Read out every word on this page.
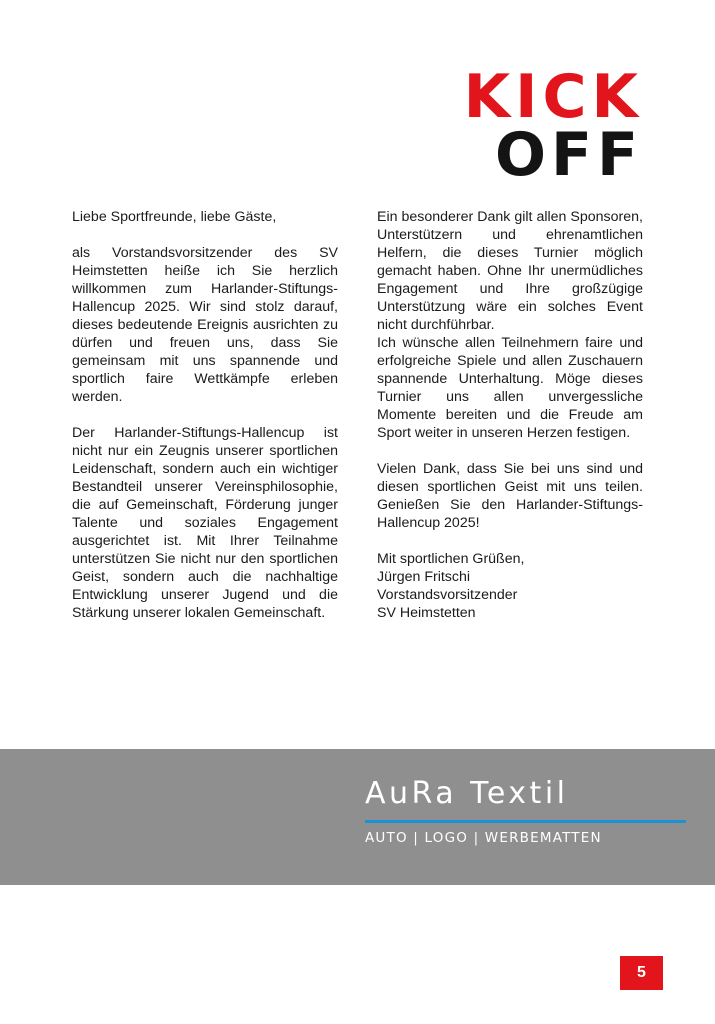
KICK
OFF

Liebe Sportfreunde, liebe Gäste,

als Vorstandsvorsitzender des SV Heimstetten heiße ich Sie herzlich willkommen zum Harlander-Stiftungs-Hallencup 2025. Wir sind stolz darauf, dieses bedeutende Ereignis ausrichten zu dürfen und freuen uns, dass Sie gemeinsam mit uns spannende und sportlich faire Wettkämpfe erleben werden.

Der Harlander-Stiftungs-Hallencup ist nicht nur ein Zeugnis unserer sportlichen Leidenschaft, sondern auch ein wichtiger Bestandteil unserer Vereinsphilosophie, die auf Gemeinschaft, Förderung junger Talente und soziales Engagement ausgerichtet ist. Mit Ihrer Teilnahme unterstützen Sie nicht nur den sportlichen Geist, sondern auch die nachhaltige Entwicklung unserer Jugend und die Stärkung unserer lokalen Gemeinschaft.

Ein besonderer Dank gilt allen Sponsoren, Unterstützern und ehrenamtlichen Helfern, die dieses Turnier möglich gemacht haben. Ohne Ihr unermüdliches Engagement und Ihre großzügige Unterstützung wäre ein solches Event nicht durchführbar.

Ich wünsche allen Teilnehmern faire und erfolgreiche Spiele und allen Zuschauern spannende Unterhaltung. Möge dieses Turnier uns allen unvergessliche Momente bereiten und die Freude am Sport weiter in unseren Herzen festigen.

Vielen Dank, dass Sie bei uns sind und diesen sportlichen Geist mit uns teilen. Genießen Sie den Harlander-Stiftungs-Hallencup 2025!

Mit sportlichen Grüßen,

Jürgen Fritschi

Vorstandsvorsitzender

SV Heimstetten

AuRa Textil
AUTO | LOGO | WERBEMATTEN
5
